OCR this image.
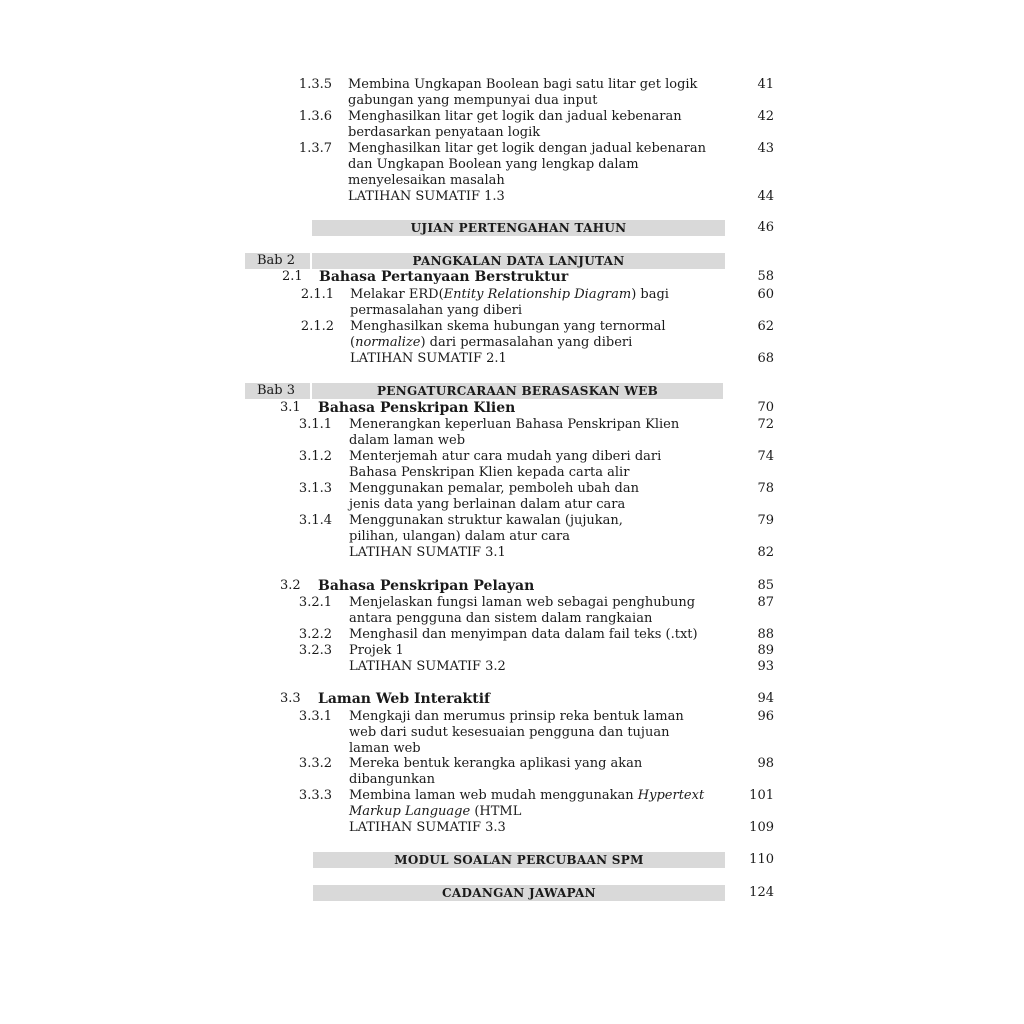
1.3.5 Membina Ungkapan Boolean bagi satu litar get logik
gabungan yang mempunyai dua input
41
1.3.6 Menghasilkan litar get logik dan jadual kebenaran
berdasarkan penyataan logik
42
1.3.7 Menghasilkan litar get logik dengan jadual kebenaran
dan Ungkapan Boolean yang lengkap dalam
menyelesaikan masalah
43
LATIHAN SUMATIF 1.3	44
UJIAN PERTENGAHAN TAHUN	46
Bab 2	PANGKALAN DATA LANJUTAN
2.1 Bahasa Pertanyaan Berstruktur	58
2.1.1 Melakar ERD(Entity Relationship Diagram) bagi
permasalahan yang diberi
60
2.1.2 Menghasilkan skema hubungan yang ternormal
(normalize) dari permasalahan yang diberi
62
LATIHAN SUMATIF 2.1	68
Bab 3	PENGATURCARAAN BERASASKAN WEB
3.1 Bahasa Penskripan Klien	70
3.1.1 Menerangkan keperluan Bahasa Penskripan Klien
dalam laman web
72
3.1.2 Menterjemah atur cara mudah yang diberi dari
Bahasa Penskripan Klien kepada carta alir
74
3.1.3 Menggunakan pemalar, pemboleh ubah dan
jenis data yang berlainan dalam atur cara
78
3.1.4 Menggunakan struktur kawalan (jujukan,
pilihan, ulangan) dalam atur cara
79
LATIHAN SUMATIF 3.1	82
3.2 Bahasa Penskripan Pelayan	85
3.2.1 Menjelaskan fungsi laman web sebagai penghubung
antara pengguna dan sistem dalam rangkaian
87
3.2.2 Menghasil dan menyimpan data dalam fail teks (.txt)	88
3.2.3 Projek 1	89
LATIHAN SUMATIF 3.2	93
3.3 Laman Web Interaktif	94
3.3.1 Mengkaji dan merumus prinsip reka bentuk laman
web dari sudut kesesuaian pengguna dan tujuan
laman web
96
3.3.2 Mereka bentuk kerangka aplikasi yang akan
dibangunkan
98
3.3.3 Membina laman web mudah menggunakan Hypertext
Markup Language (HTML
101
LATIHAN SUMATIF 3.3	109
MODUL SOALAN PERCUBAAN SPM	110
CADANGAN JAWAPAN	124
